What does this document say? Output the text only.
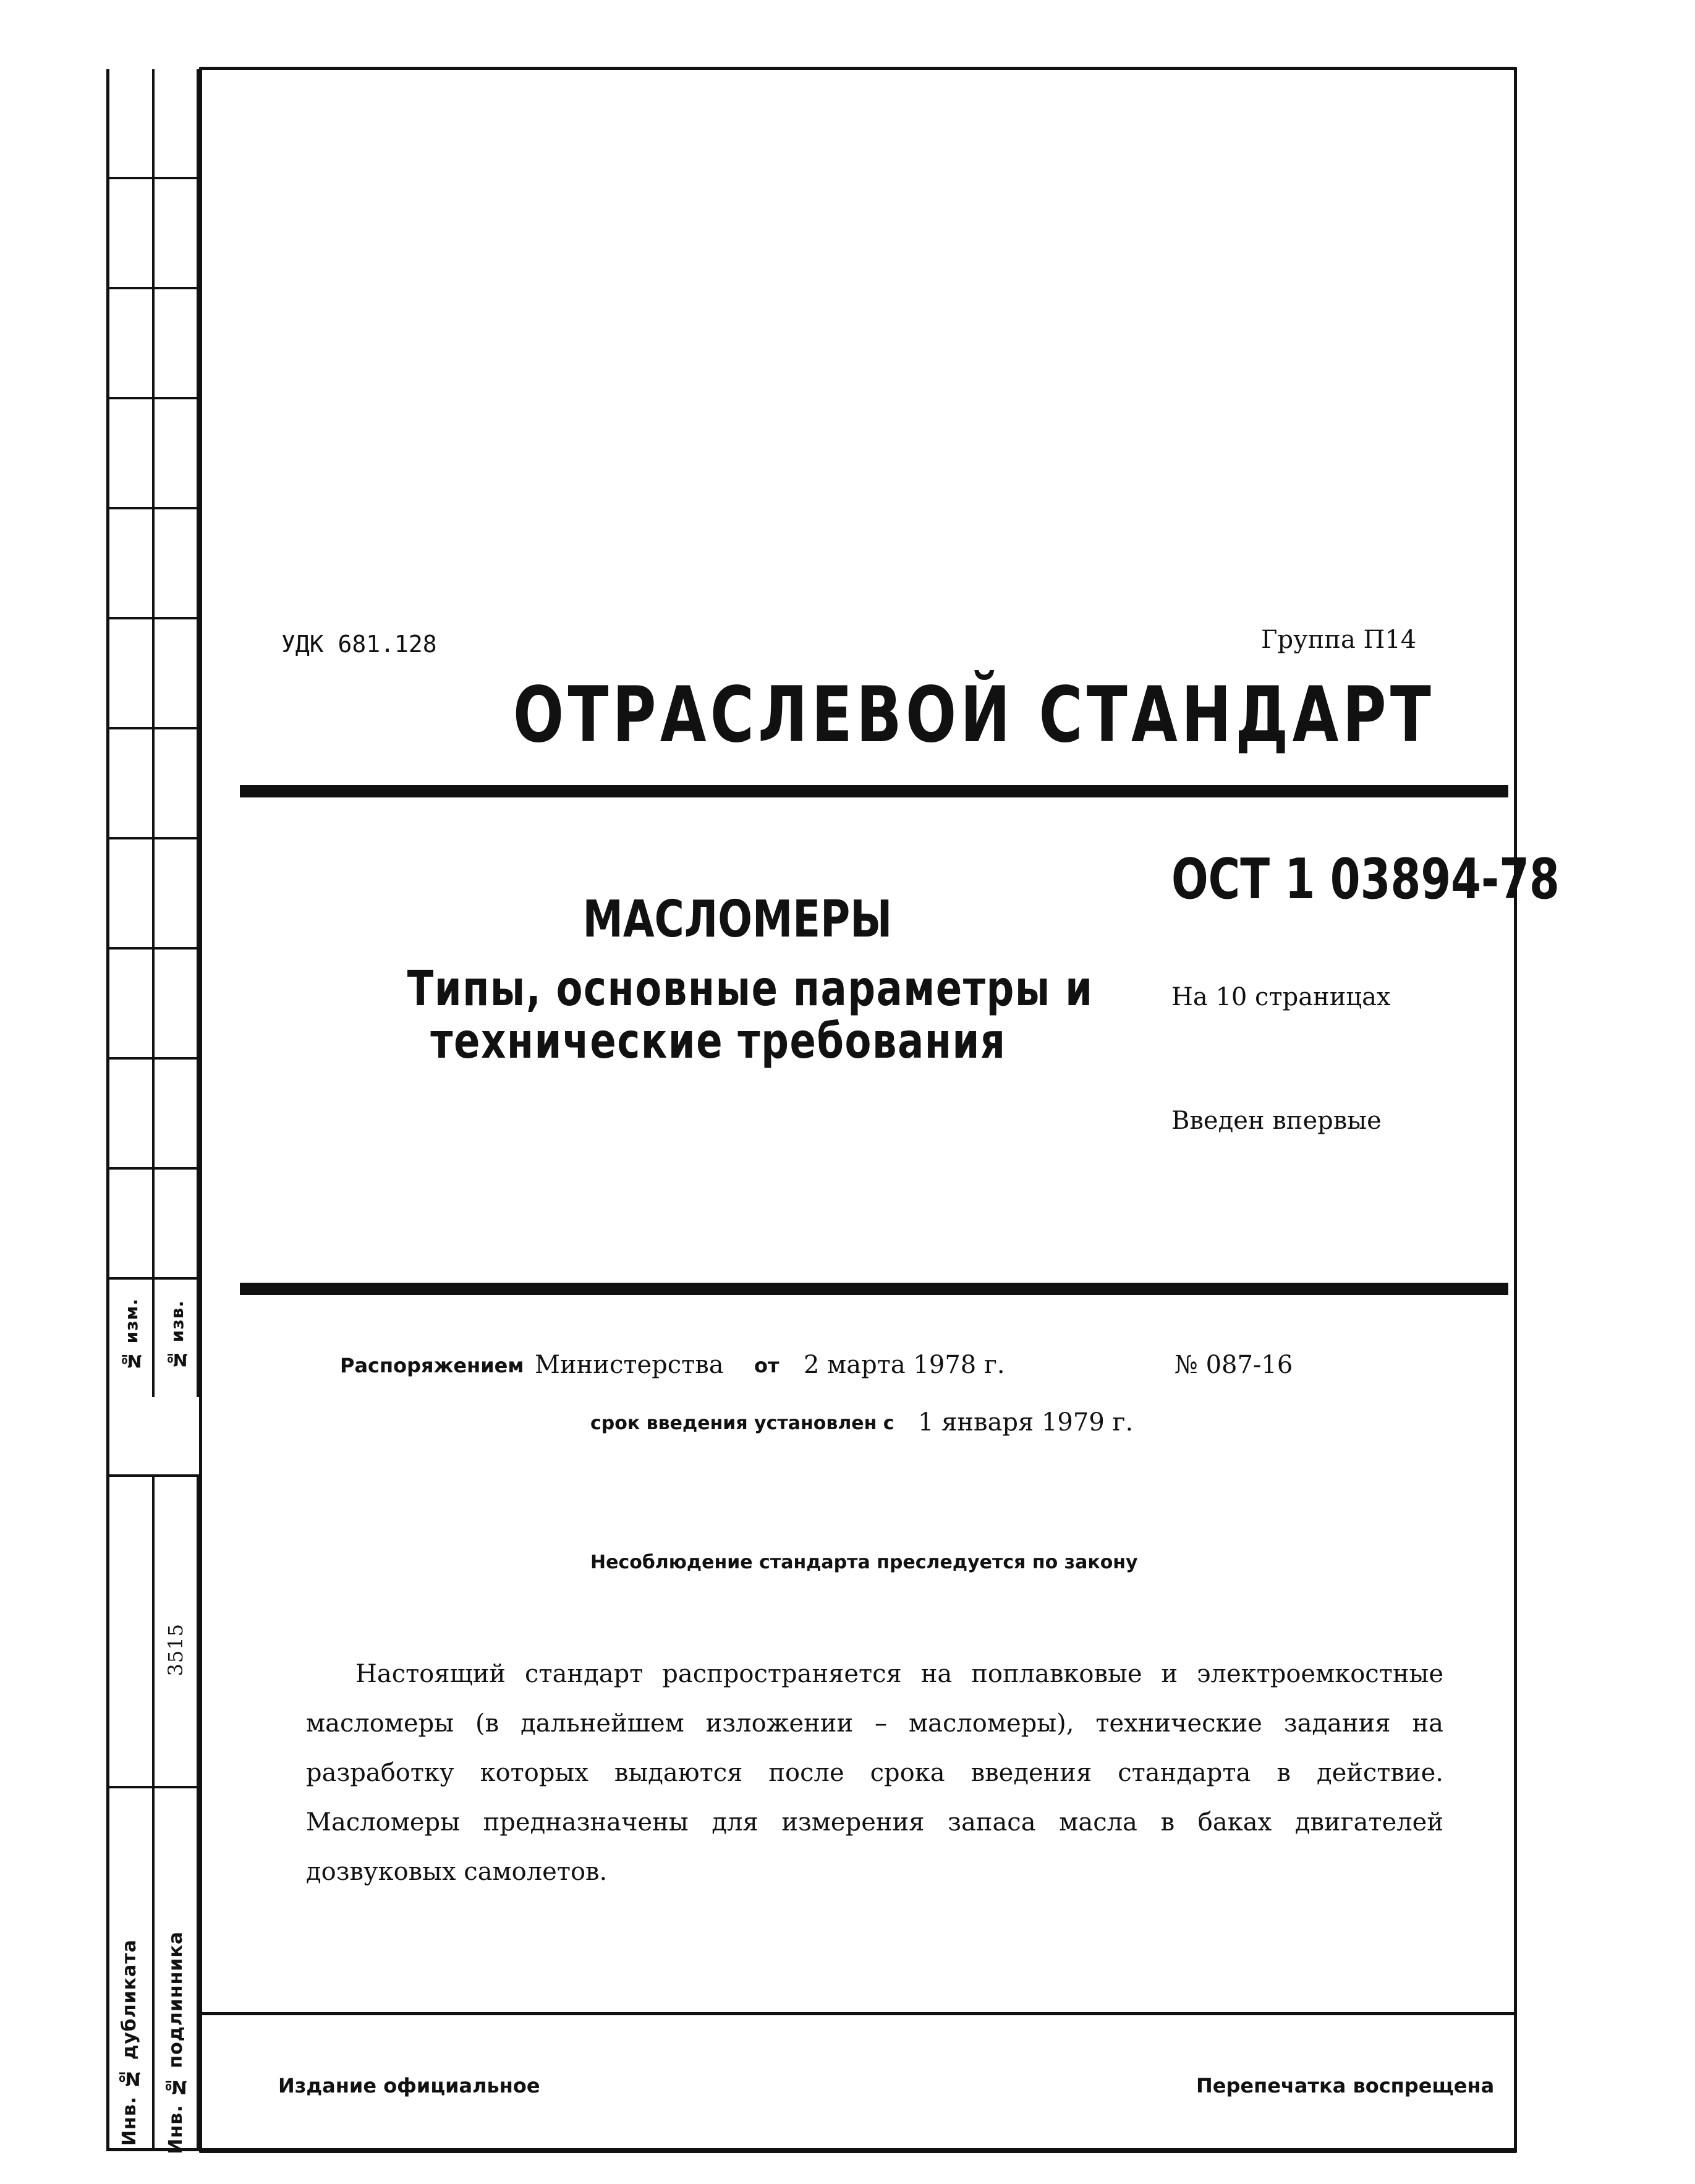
№ изм. № изв.
Инв. № дубликата
3515
Инв. № подлинника
УДК 681.128	Группа П14
ОТРАСЛЕВОЙ СТАНДАРТ
ОСТ 1 03894-78
МАСЛОМЕРЫ
Типы, основные параметры и
технические требования
На 10 страницах
Введен впервые
Распоряжением Министерства от 2 марта 1978 г.	№ 087-16
срок введения установлен с 1 января 1979 г.
Несоблюдение стандарта преследуется по закону
Настоящий стандарт распространяется на поплавковые и электроемкостные масломеры (в дальнейшем изложении – масломеры), технические задания на разработку которых выдаются после срока введения стандарта в действие. Масломеры предназначены для измерения запаса масла в баках двигателей дозвуковых самолетов.
Издание официальное	Перепечатка воспрещена
